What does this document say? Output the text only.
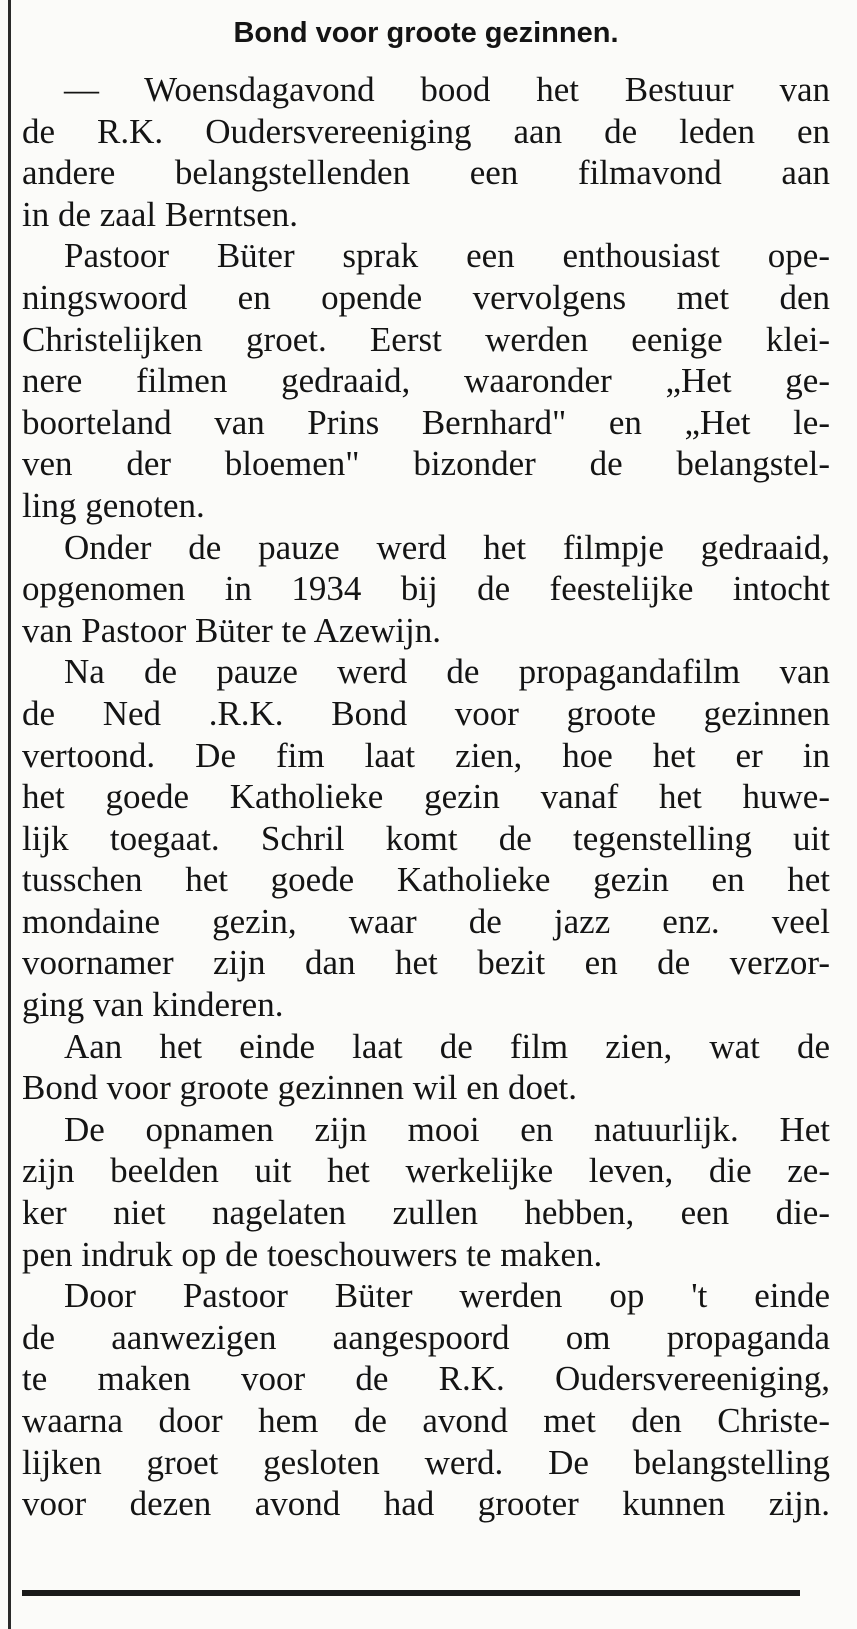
Bond voor groote gezinnen.

— Woensdagavond bood het Bestuur van
de R.K. Oudersvereeniging aan de leden en
andere belangstellenden een filmavond aan
in de zaal Berntsen.

Pastoor Büter sprak een enthousiast ope-
ningswoord en opende vervolgens met den
Christelijken groet. Eerst werden eenige klei-
nere filmen gedraaid, waaronder „Het ge-
boorteland van Prins Bernhard" en „Het le-
ven der bloemen" bizonder de belangstel-
ling genoten.

Onder de pauze werd het filmpje gedraaid,
opgenomen in 1934 bij de feestelijke intocht
van Pastoor Büter te Azewijn.

Na de pauze werd de propagandafilm van
de Ned .R.K. Bond voor groote gezinnen
vertoond. De fim laat zien, hoe het er in
het goede Katholieke gezin vanaf het huwe-
lijk toegaat. Schril komt de tegenstelling uit
tusschen het goede Katholieke gezin en het
mondaine gezin, waar de jazz enz. veel
voornamer zijn dan het bezit en de verzor-
ging van kinderen.

Aan het einde laat de film zien, wat de
Bond voor groote gezinnen wil en doet.

De opnamen zijn mooi en natuurlijk. Het
zijn beelden uit het werkelijke leven, die ze-
ker niet nagelaten zullen hebben, een die-
pen indruk op de toeschouwers te maken.

Door Pastoor Büter werden op 't einde
de aanwezigen aangespoord om propaganda
te maken voor de R.K. Oudersvereeniging,
waarna door hem de avond met den Christe-
lijken groet gesloten werd. De belangstelling
voor dezen avond had grooter kunnen zijn.
